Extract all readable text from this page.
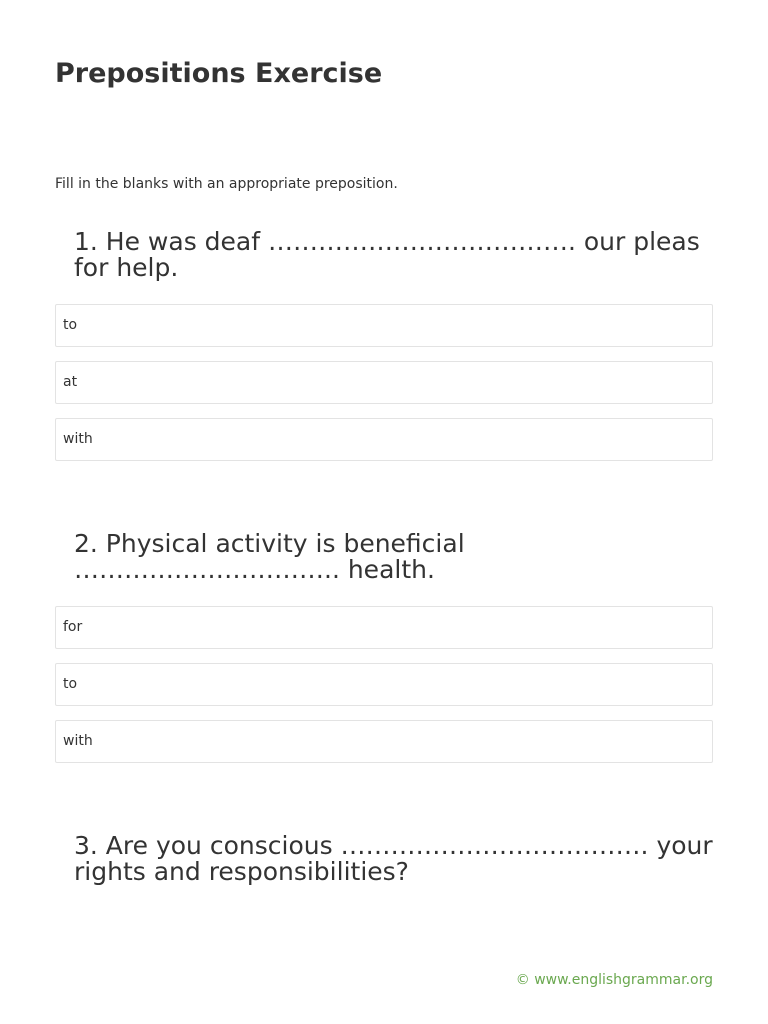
Prepositions Exercise
Fill in the blanks with an appropriate preposition.
1. He was deaf ………………………………. our pleas for help.
to
at
with
2. Physical activity is beneficial ………………………….. health.
for
to
with
3. Are you conscious ………………………………. your rights and responsibilities?
© www.englishgrammar.org
